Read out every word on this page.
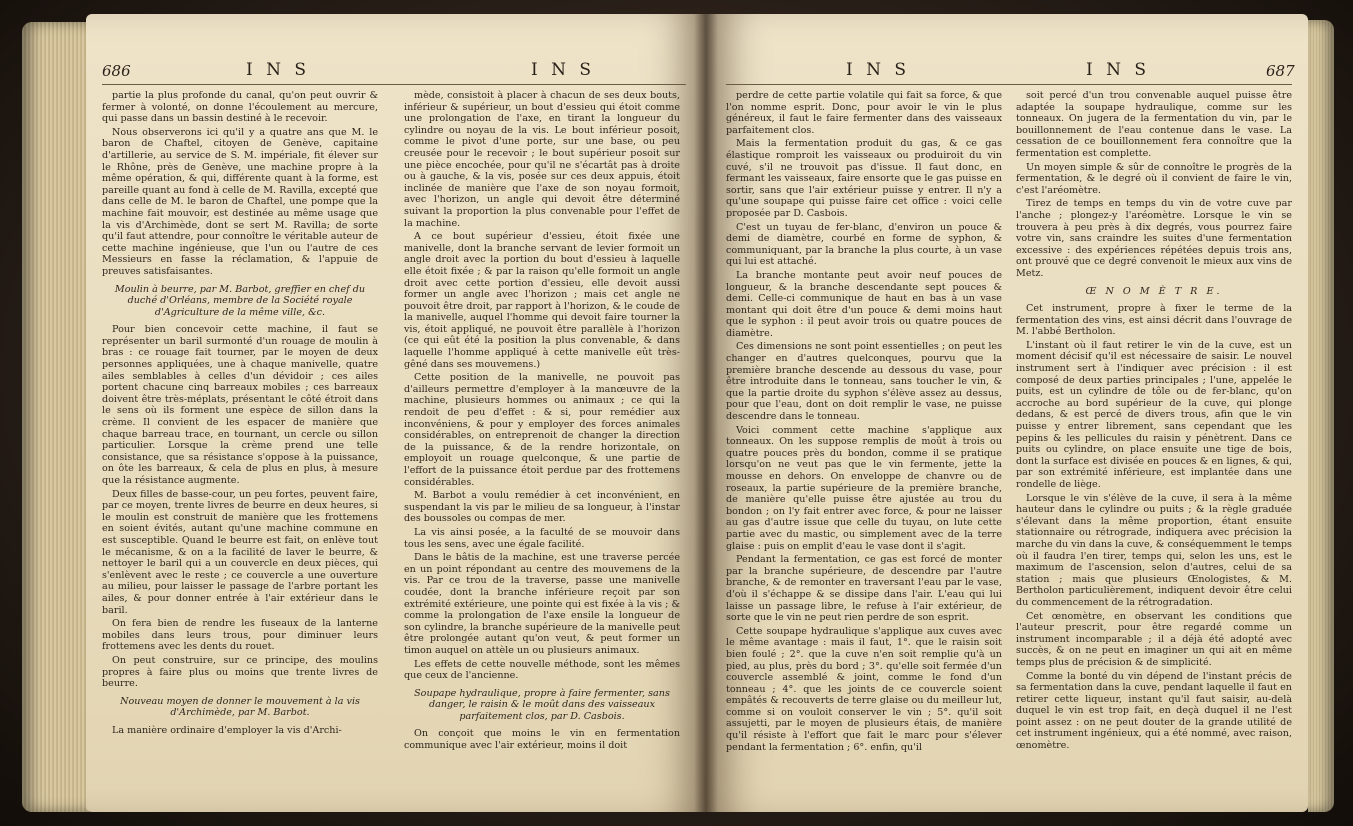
686	I N S	I N S

partie la plus profonde du canal, qu'on peut ouvrir & fermer à volonté, on donne l'écoulement au mercure, qui passe dans un bassin destiné à le recevoir.

Nous observerons ici qu'il y a quatre ans que M. le baron de Chaftel, citoyen de Genève, capitaine d'artillerie, au service de S. M. impériale, fit élever sur le Rhône, près de Genève, une machine propre à la même opération, & qui, différente quant à la forme, est pareille quant au fond à celle de M. Ravilla, excepté que dans celle de M. le baron de Chaftel, une pompe que la machine fait mouvoir, est destinée au même usage que la vis d'Archimède, dont se sert M. Ravilla; de sorte qu'il faut attendre, pour connoître le véritable auteur de cette machine ingénieuse, que l'un ou l'autre de ces Messieurs en fasse la réclamation, & l'appuie de preuves satisfaisantes.

Moulin à beurre, par M. Barbot, greffier en chef du duché d'Orléans, membre de la Société royale d'Agriculture de la même ville, &c.

Pour bien concevoir cette machine, il faut se représenter un baril surmonté d'un rouage de moulin à bras : ce rouage fait tourner, par le moyen de deux personnes appliquées, une à chaque manivelle, quatre ailes semblables à celles d'un dévidoir ; ces ailes portent chacune cinq barreaux mobiles ; ces barreaux doivent être très-méplats, présentant le côté étroit dans le sens où ils forment une espèce de sillon dans la crème. Il convient de les espacer de manière que chaque barreau trace, en tournant, un cercle ou sillon particulier. Lorsque la crème prend une telle consistance, que sa résistance s'oppose à la puissance, on ôte les barreaux, & cela de plus en plus, à mesure que la résistance augmente.

Deux filles de basse-cour, un peu fortes, peuvent faire, par ce moyen, trente livres de beurre en deux heures, si le moulin est construit de manière que les frottemens en soient évités, autant qu'une machine commune en est susceptible. Quand le beurre est fait, on enlève tout le mécanisme, & on a la facilité de laver le beurre, & nettoyer le baril qui a un couvercle en deux pièces, qui s'enlèvent avec le reste ; ce couvercle a une ouverture au milieu, pour laisser le passage de l'arbre portant les ailes, & pour donner entrée à l'air extérieur dans le baril.

On fera bien de rendre les fuseaux de la lanterne mobiles dans leurs trous, pour diminuer leurs frottemens avec les dents du rouet.

On peut construire, sur ce principe, des moulins propres à faire plus ou moins que trente livres de beurre.

Nouveau moyen de donner le mouvement à la vis d'Archimède, par M. Barbot.

La manière ordinaire d'employer la vis d'Archi-

mède, consistoit à placer à chacun de ses deux bouts, inférieur & supérieur, un bout d'essieu qui étoit comme une prolongation de l'axe, en tirant la longueur du cylindre ou noyau de la vis. Le bout inférieur posoit, comme le pivot d'une porte, sur une base, ou peu creusée pour le recevoir ; le bout supérieur posoit sur une pièce encochée, pour qu'il ne s'écartât pas à droite ou à gauche, & la vis, posée sur ces deux appuis, étoit inclinée de manière que l'axe de son noyau formoit, avec l'horizon, un angle qui devoit être déterminé suivant la proportion la plus convenable pour l'effet de la machine.

A ce bout supérieur d'essieu, étoit fixée une manivelle, dont la branche servant de levier formoit un angle droit avec la portion du bout d'essieu à laquelle elle étoit fixée ; & par la raison qu'elle formoit un angle droit avec cette portion d'essieu, elle devoit aussi former un angle avec l'horizon ; mais cet angle ne pouvoit être droit, par rapport à l'horizon, & le coude de la manivelle, auquel l'homme qui devoit faire tourner la vis, étoit appliqué, ne pouvoit être parallèle à l'horizon (ce qui eût été la position la plus convenable, & dans laquelle l'homme appliqué à cette manivelle eût très-gêné dans ses mouvemens.)

Cette position de la manivelle, ne pouvoit pas d'ailleurs permettre d'employer à la manœuvre de la machine, plusieurs hommes ou animaux ; ce qui la rendoit de peu d'effet : & si, pour remédier aux inconvéniens, & pour y employer des forces animales considérables, on entreprenoit de changer la direction de la puissance, & de la rendre horizontale, on employoit un rouage quelconque, & une partie de l'effort de la puissance étoit perdue par des frottemens considérables.

M. Barbot a voulu remédier à cet inconvénient, en suspendant la vis par le milieu de sa longueur, à l'instar des boussoles ou compas de mer.

La vis ainsi posée, a la faculté de se mouvoir dans tous les sens, avec une égale facilité.

Dans le bâtis de la machine, est une traverse percée en un point répondant au centre des mouvemens de la vis. Par ce trou de la traverse, passe une manivelle coudée, dont la branche inférieure reçoit par son extrémité extérieure, une pointe qui est fixée à la vis ; & comme la prolongation de l'axe ensile la longueur de son cylindre, la branche supérieure de la manivelle peut être prolongée autant qu'on veut, & peut former un timon auquel on attèle un ou plusieurs animaux.

Les effets de cette nouvelle méthode, sont les mêmes que ceux de l'ancienne.

Soupape hydraulique, propre à faire fermenter, sans danger, le raisin & le moût dans des vaisseaux parfaitement clos, par D. Casbois.

On conçoit que moins le vin en fermentation communique avec l'air extérieur, moins il doit

I N S	I N S	687

perdre de cette partie volatile qui fait sa force, & que l'on nomme esprit. Donc, pour avoir le vin le plus généreux, il faut le faire fermenter dans des vaisseaux parfaitement clos.

Mais la fermentation produit du gas, & ce gas élastique romproit les vaisseaux ou produiroit du vin cuvé, s'il ne trouvoit pas d'issue. Il faut donc, en fermant les vaisseaux, faire ensorte que le gas puisse en sortir, sans que l'air extérieur puisse y entrer. Il n'y a qu'une soupape qui puisse faire cet office : voici celle proposée par D. Casbois.

C'est un tuyau de fer-blanc, d'environ un pouce & demi de diamètre, courbé en forme de syphon, & communiquant, par la branche la plus courte, à un vase qui lui est attaché.

La branche montante peut avoir neuf pouces de longueur, & la branche descendante sept pouces & demi. Celle-ci communique de haut en bas à un vase montant qui doit être d'un pouce & demi moins haut que le syphon : il peut avoir trois ou quatre pouces de diamètre.

Ces dimensions ne sont point essentielles ; on peut les changer en d'autres quelconques, pourvu que la première branche descende au dessous du vase, pour être introduite dans le tonneau, sans toucher le vin, & que la partie droite du syphon s'élève assez au dessus, pour que l'eau, dont on doit remplir le vase, ne puisse descendre dans le tonneau.

Voici comment cette machine s'applique aux tonneaux. On les suppose remplis de moût à trois ou quatre pouces près du bondon, comme il se pratique lorsqu'on ne veut pas que le vin fermente, jette la mousse en dehors. On enveloppe de chanvre ou de roseaux, la partie supérieure de la première branche, de manière qu'elle puisse être ajustée au trou du bondon ; on l'y fait entrer avec force, & pour ne laisser au gas d'autre issue que celle du tuyau, on lute cette partie avec du mastic, ou simplement avec de la terre glaise : puis on emplit d'eau le vase dont il s'agit.

Pendant la fermentation, ce gas est forcé de monter par la branche supérieure, de descendre par l'autre branche, & de remonter en traversant l'eau par le vase, d'où il s'échappe & se dissipe dans l'air. L'eau qui lui laisse un passage libre, le refuse à l'air extérieur, de sorte que le vin ne peut rien perdre de son esprit.

Cette soupape hydraulique s'applique aux cuves avec le même avantage : mais il faut, 1°. que le raisin soit bien foulé ; 2°. que la cuve n'en soit remplie qu'à un pied, au plus, près du bord ; 3°. qu'elle soit fermée d'un couvercle assemblé & joint, comme le fond d'un tonneau ; 4°. que les joints de ce couvercle soient empâtés & recouverts de terre glaise ou du meilleur lut, comme si on vouloit conserver le vin ; 5°. qu'il soit assujetti, par le moyen de plusieurs étais, de manière qu'il résiste à l'effort que fait le marc pour s'élever pendant la fermentation ; 6°. enfin, qu'il

soit percé d'un trou convenable auquel puisse être adaptée la soupape hydraulique, comme sur les tonneaux. On jugera de la fermentation du vin, par le bouillonnement de l'eau contenue dans le vase. La cessation de ce bouillonnement fera connoître que la fermentation est complette.

Un moyen simple & sûr de connoître le progrès de la fermentation, & le degré où il convient de faire le vin, c'est l'aréomètre.

Tirez de temps en temps du vin de votre cuve par l'anche ; plongez-y l'aréomètre. Lorsque le vin se trouvera à peu près à dix degrés, vous pourrez faire votre vin, sans craindre les suites d'une fermentation excessive : des expériences répétées depuis trois ans, ont prouvé que ce degré convenoit le mieux aux vins de Metz.

Œ N O M È T R E.

Cet instrument, propre à fixer le terme de la fermentation des vins, est ainsi décrit dans l'ouvrage de M. l'abbé Bertholon.

L'instant où il faut retirer le vin de la cuve, est un moment décisif qu'il est nécessaire de saisir. Le nouvel instrument sert à l'indiquer avec précision : il est composé de deux parties principales ; l'une, appelée le puits, est un cylindre de tôle ou de fer-blanc, qu'on accroche au bord supérieur de la cuve, qui plonge dedans, & est percé de divers trous, afin que le vin puisse y entrer librement, sans cependant que les pepins & les pellicules du raisin y pénètrent. Dans ce puits ou cylindre, on place ensuite une tige de bois, dont la surface est divisée en pouces & en lignes, & qui, par son extrémité inférieure, est implantée dans une rondelle de liège.

Lorsque le vin s'élève de la cuve, il sera à la même hauteur dans le cylindre ou puits ; & la règle graduée s'élevant dans la même proportion, étant ensuite stationnaire ou rétrograde, indiquera avec précision la marche du vin dans la cuve, & conséquemment le temps où il faudra l'en tirer, temps qui, selon les uns, est le maximum de l'ascension, selon d'autres, celui de sa station ; mais que plusieurs Œnologistes, & M. Bertholon particulièrement, indiquent devoir être celui du commencement de la rétrogradation.

Cet œnomètre, en observant les conditions que l'auteur prescrit, pour être regardé comme un instrument incomparable ; il a déjà été adopté avec succès, & on ne peut en imaginer un qui ait en même temps plus de précision & de simplicité.

Comme la bonté du vin dépend de l'instant précis de sa fermentation dans la cuve, pendant laquelle il faut en retirer cette liqueur, instant qu'il faut saisir, au-delà duquel le vin est trop fait, en deçà duquel il ne l'est point assez : on ne peut douter de la grande utilité de cet instrument ingénieux, qui a été nommé, avec raison, œnomètre.
